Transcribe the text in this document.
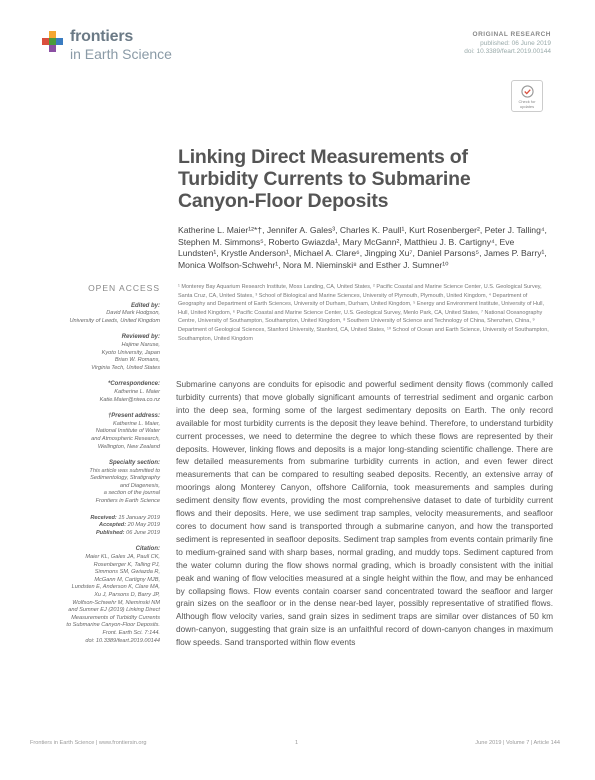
frontiers
in Earth Science
ORIGINAL RESEARCH
published: 06 June 2019
doi: 10.3389/feart.2019.00144
Check for
updates
Linking Direct Measurements of Turbidity Currents to Submarine Canyon-Floor Deposits
Katherine L. Maier¹²*†, Jennifer A. Gales³, Charles K. Paull¹, Kurt Rosenberger², Peter J. Talling⁴, Stephen M. Simmons⁵, Roberto Gwiazda¹, Mary McGann², Matthieu J. B. Cartigny⁴, Eve Lundsten¹, Krystle Anderson¹, Michael A. Clare⁶, Jingping Xu⁷, Daniel Parsons⁵, James P. Barry¹, Monica Wolfson-Schwehr¹, Nora M. Nieminski⁸ and Esther J. Sumner¹⁰
¹ Monterey Bay Aquarium Research Institute, Moss Landing, CA, United States, ² Pacific Coastal and Marine Science Center, U.S. Geological Survey, Santa Cruz, CA, United States, ³ School of Biological and Marine Sciences, University of Plymouth, Plymouth, United Kingdom, ⁴ Department of Geography and Department of Earth Sciences, University of Durham, Durham, United Kingdom, ⁵ Energy and Environment Institute, University of Hull, Hull, United Kingdom, ⁶ Pacific Coastal and Marine Science Center, U.S. Geological Survey, Menlo Park, CA, United States, ⁷ National Oceanography Centre, University of Southampton, Southampton, United Kingdom, ⁸ Southern University of Science and Technology of China, Shenzhen, China, ⁹ Department of Geological Sciences, Stanford University, Stanford, CA, United States, ¹⁰ School of Ocean and Earth Science, University of Southampton, Southampton, United Kingdom
Submarine canyons are conduits for episodic and powerful sediment density flows (commonly called turbidity currents) that move globally significant amounts of terrestrial sediment and organic carbon into the deep sea, forming some of the largest sedimentary deposits on Earth. The only record available for most turbidity currents is the deposit they leave behind. Therefore, to understand turbidity current processes, we need to determine the degree to which these flows are represented by their deposits. However, linking flows and deposits is a major long-standing scientific challenge. There are few detailed measurements from submarine turbidity currents in action, and even fewer direct measurements that can be compared to resulting seabed deposits. Recently, an extensive array of moorings along Monterey Canyon, offshore California, took measurements and samples during sediment density flow events, providing the most comprehensive dataset to date of turbidity current flows and their deposits. Here, we use sediment trap samples, velocity measurements, and seafloor cores to document how sand is transported through a submarine canyon, and how the transported sediment is represented in seafloor deposits. Sediment trap samples from events contain primarily fine to medium-grained sand with sharp bases, normal grading, and muddy tops. Sediment captured from the water column during the flow shows normal grading, which is broadly consistent with the initial peak and waning of flow velocities measured at a single height within the flow, and may be enhanced by collapsing flows. Flow events contain coarser sand concentrated toward the seafloor and larger grain sizes on the seafloor or in the dense near-bed layer, possibly representative of stratified flows. Although flow velocity varies, sand grain sizes in sediment traps are similar over distances of 50 km down-canyon, suggesting that grain size is an unfaithful record of down-canyon changes in maximum flow speeds. Sand transported within flow events
OPEN ACCESS
Edited by:
David Mark Hodgson,
University of Leeds, United Kingdom
Reviewed by:
Hajime Naruse,
Kyoto University, Japan
Brian W. Romans,
Virginia Tech, United States
*Correspondence:
Katherine L. Maier
Katie.Maier@niwa.co.nz
†Present address:
Katherine L. Maier,
National Institute of Water
and Atmospheric Research,
Wellington, New Zealand
Specialty section:
This article was submitted to
Sedimentology, Stratigraphy
and Diagenesis,
a section of the journal
Frontiers in Earth Science
Received: 15 January 2019
Accepted: 20 May 2019
Published: 06 June 2019
Citation:
Maier KL, Gales JA, Paull CK,
Rosenberger K, Talling PJ,
Simmons SM, Gwiazda R,
McGann M, Cartigny MJB,
Lundsten E, Anderson K, Clare MA,
Xu J, Parsons D, Barry JP,
Wolfson-Schwehr M, Nieminski NM
and Sumner EJ (2019) Linking Direct
Measurements of Turbidity Currents
to Submarine Canyon-Floor Deposits.
Front. Earth Sci. 7:144.
doi: 10.3389/feart.2019.00144
Frontiers in Earth Science | www.frontiersin.org	1	June 2019 | Volume 7 | Article 144
